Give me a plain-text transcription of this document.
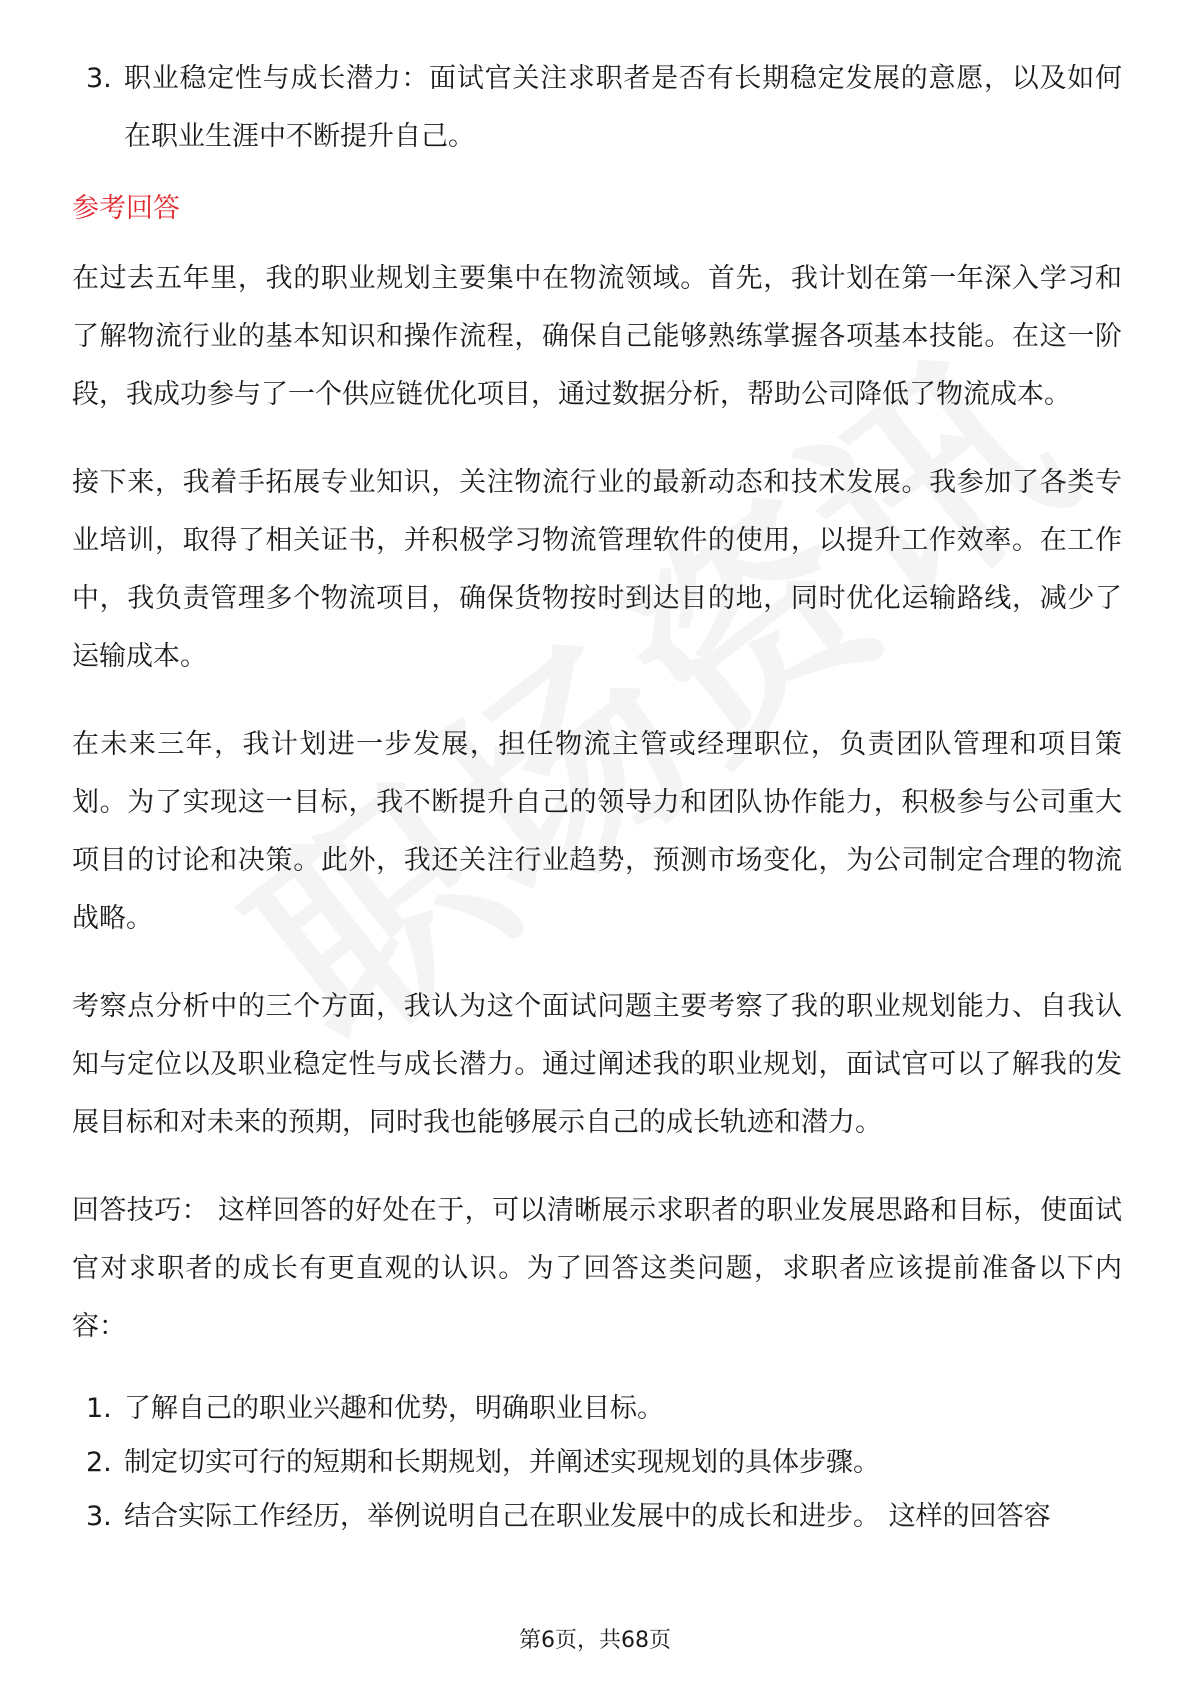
3. 职业稳定性与成长潜力：面试官关注求职者是否有长期稳定发展的意愿，以及如何在职业生涯中不断提升自己。
参考回答

在过去五年里，我的职业规划主要集中在物流领域。首先，我计划在第一年深入学习和了解物流行业的基本知识和操作流程，确保自己能够熟练掌握各项基本技能。在这一阶段，我成功参与了一个供应链优化项目，通过数据分析，帮助公司降低了物流成本。

接下来，我着手拓展专业知识，关注物流行业的最新动态和技术发展。我参加了各类专业培训，取得了相关证书，并积极学习物流管理软件的使用，以提升工作效率。在工作中，我负责管理多个物流项目，确保货物按时到达目的地，同时优化运输路线，减少了运输成本。

在未来三年，我计划进一步发展，担任物流主管或经理职位，负责团队管理和项目策划。为了实现这一目标，我不断提升自己的领导力和团队协作能力，积极参与公司重大项目的讨论和决策。此外，我还关注行业趋势，预测市场变化，为公司制定合理的物流战略。

考察点分析中的三个方面，我认为这个面试问题主要考察了我的职业规划能力、自我认知与定位以及职业稳定性与成长潜力。通过阐述我的职业规划，面试官可以了解我的发展目标和对未来的预期，同时我也能够展示自己的成长轨迹和潜力。

回答技巧： 这样回答的好处在于，可以清晰展示求职者的职业发展思路和目标，使面试官对求职者的成长有更直观的认识。为了回答这类问题，求职者应该提前准备以下内容：

1. 了解自己的职业兴趣和优势，明确职业目标。
2. 制定切实可行的短期和长期规划，并阐述实现规划的具体步骤。
3. 结合实际工作经历，举例说明自己在职业发展中的成长和进步。 这样的回答容
第6页，共68页
